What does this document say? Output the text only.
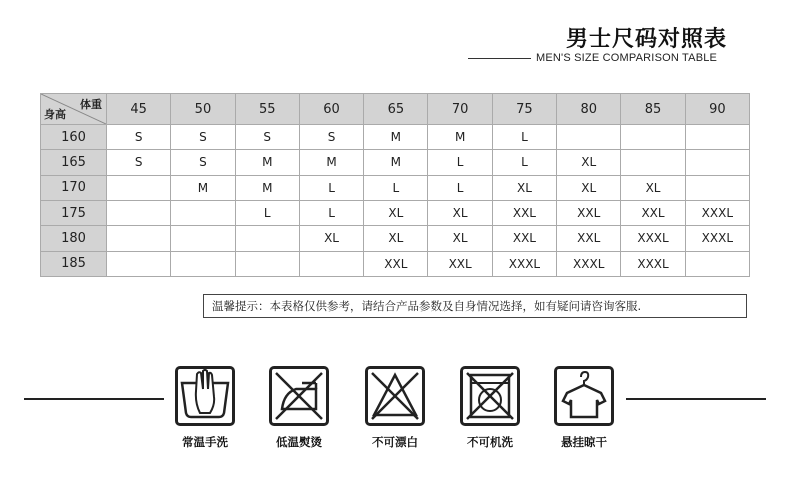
男士尺码对照表
MEN'S SIZE COMPARISON TABLE
体重
身高	45	50	55	60	65	70	75	80	85	90
160	S	S	S	S	M	M	L			
165	S	S	M	M	M	L	L	XL		
170		M	M	L	L	L	XL	XL	XL	
175			L	L	XL	XL	XXL	XXL	XXL	XXXL
180				XL	XL	XL	XXL	XXL	XXXL	XXXL
185					XXL	XXL	XXXL	XXXL	XXXL	
温馨提示：本表格仅供参考，请结合产品参数及自身情况选择，如有疑问请咨询客服.
常温手洗	低温熨烫	不可漂白	不可机洗	悬挂晾干
